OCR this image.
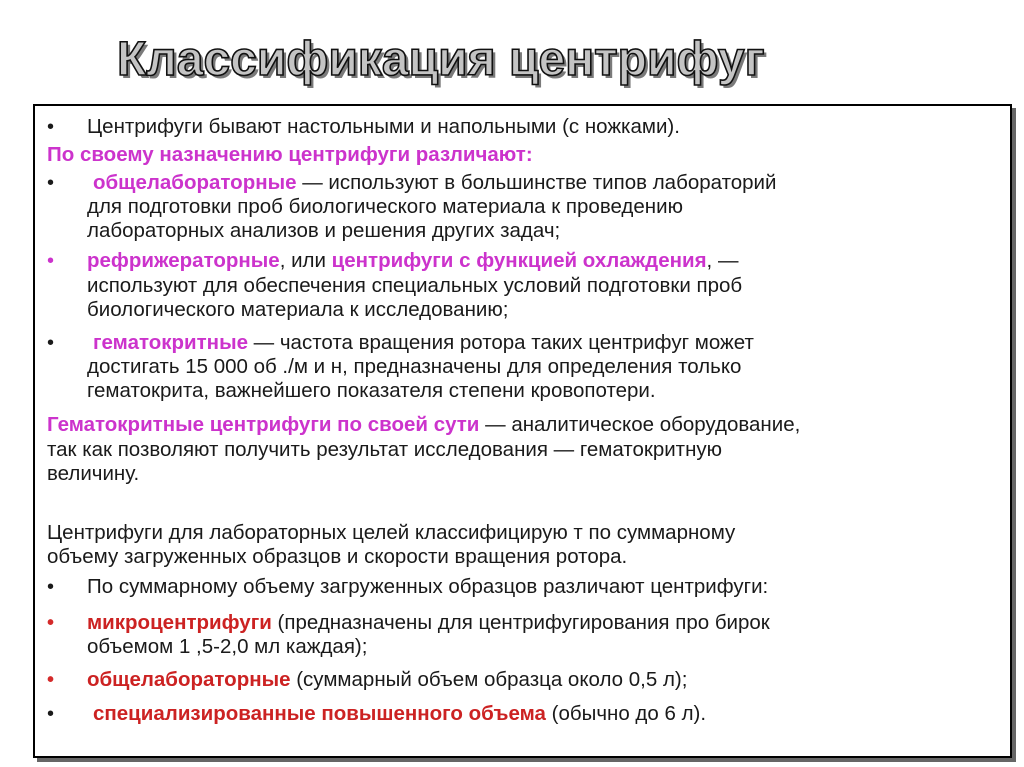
Классификация центрифуг
• Центрифуги бывают настольными и напольными (с ножками).

По своему назначению центрифуги различают:

• общелабораторные — используют в большинстве типов лабораторий

для подготовки проб биологического материала к проведению

лабораторных анализов и решения других задач;

• рефрижераторные, или центрифуги с функцией охлаждения, —

используют для обеспечения специальных условий подготовки проб

биологического материала к исследованию;

• гематокритные — частота вращения ротора таких центрифуг может

достигать 15 000 об ./м и н, предназначены для определения только

гематокрита, важнейшего показателя степени кровопотери.

Гематокритные центрифуги по своей сути — аналитическое оборудование,

так как позволяют получить результат исследования — гематокритную

величину.

Центрифуги для лабораторных целей классифицирую т по суммарному

объему загруженных образцов и скорости вращения ротора.

• По суммарному объему загруженных образцов различают центрифуги:

• микроцентрифуги (предназначены для центрифугирования про бирок

объемом 1 ,5-2,0 мл каждая);

• общелабораторные (суммарный объем образца около 0,5 л);

• специализированные повышенного объема (обычно до 6 л).
